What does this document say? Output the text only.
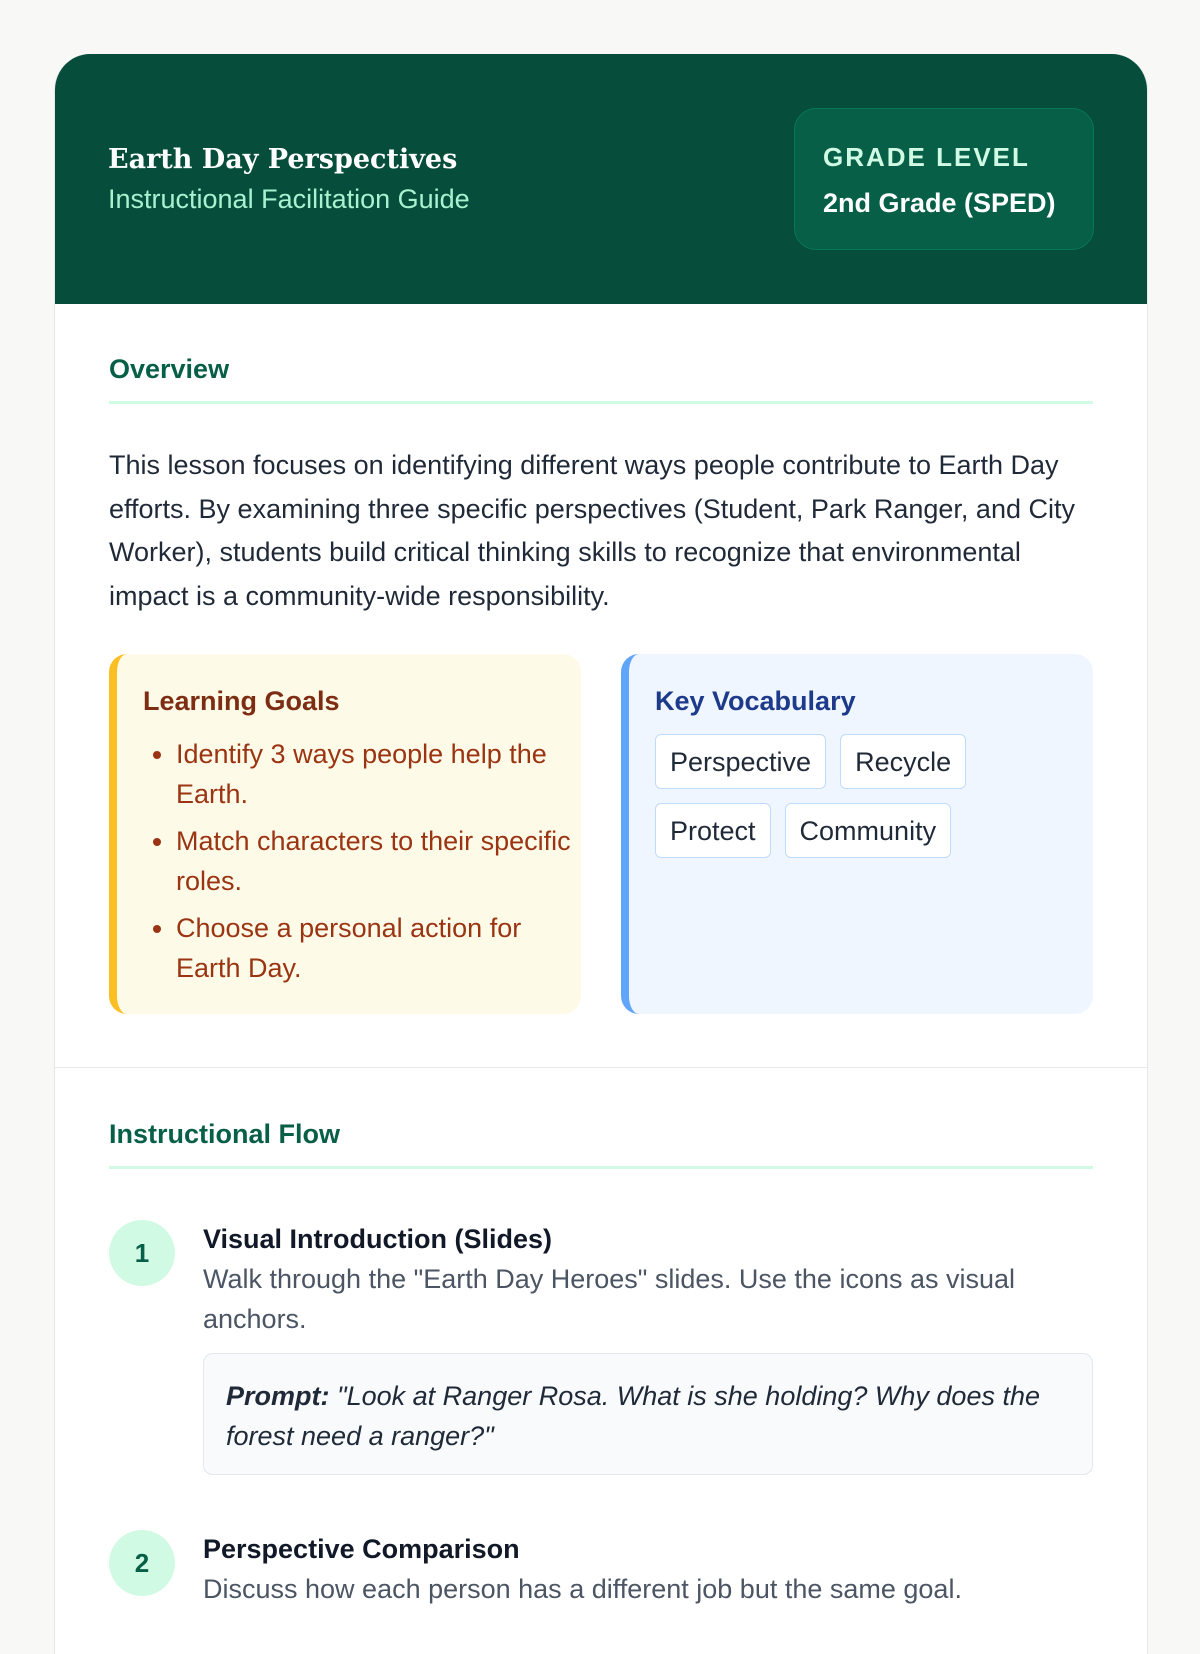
Earth Day Perspectives
Instructional Facilitation Guide
GRADE LEVEL
2nd Grade (SPED)
Overview
This lesson focuses on identifying different ways people contribute to Earth Day efforts. By examining three specific perspectives (Student, Park Ranger, and City Worker), students build critical thinking skills to recognize that environmental impact is a community-wide responsibility.
Learning Goals
• Identify 3 ways people help the Earth.
• Match characters to their specific roles.
• Choose a personal action for Earth Day.
Key Vocabulary
Perspective	Recycle
Protect	Community
Instructional Flow
1	Visual Introduction (Slides)
Walk through the "Earth Day Heroes" slides. Use the icons as visual anchors.
Prompt: "Look at Ranger Rosa. What is she holding? Why does the forest need a ranger?"
2	Perspective Comparison
Discuss how each person has a different job but the same goal.
